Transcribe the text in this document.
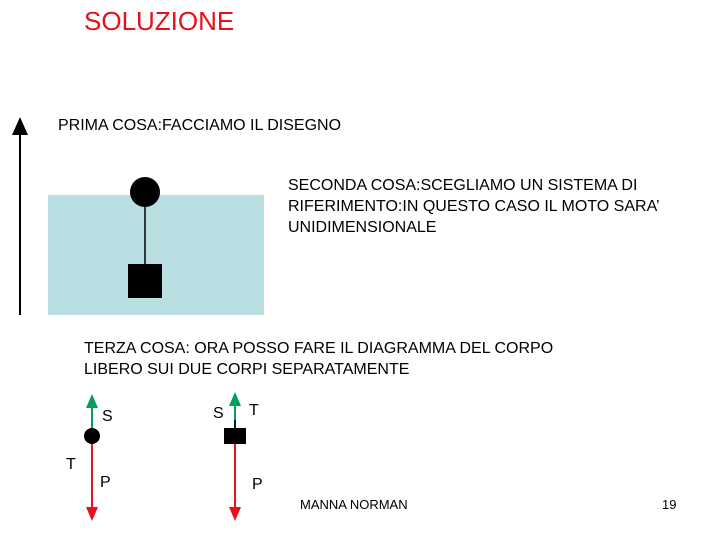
SOLUZIONE
PRIMA COSA:FACCIAMO IL DISEGNO
SECONDA COSA:SCEGLIAMO UN SISTEMA DI RIFERIMENTO:IN QUESTO CASO IL MOTO SARA’ UNIDIMENSIONALE
TERZA COSA: ORA POSSO FARE IL DIAGRAMMA DEL CORPO LIBERO SUI DUE CORPI SEPARATAMENTE
S
T
P
S T
P
MANNA NORMAN	19
